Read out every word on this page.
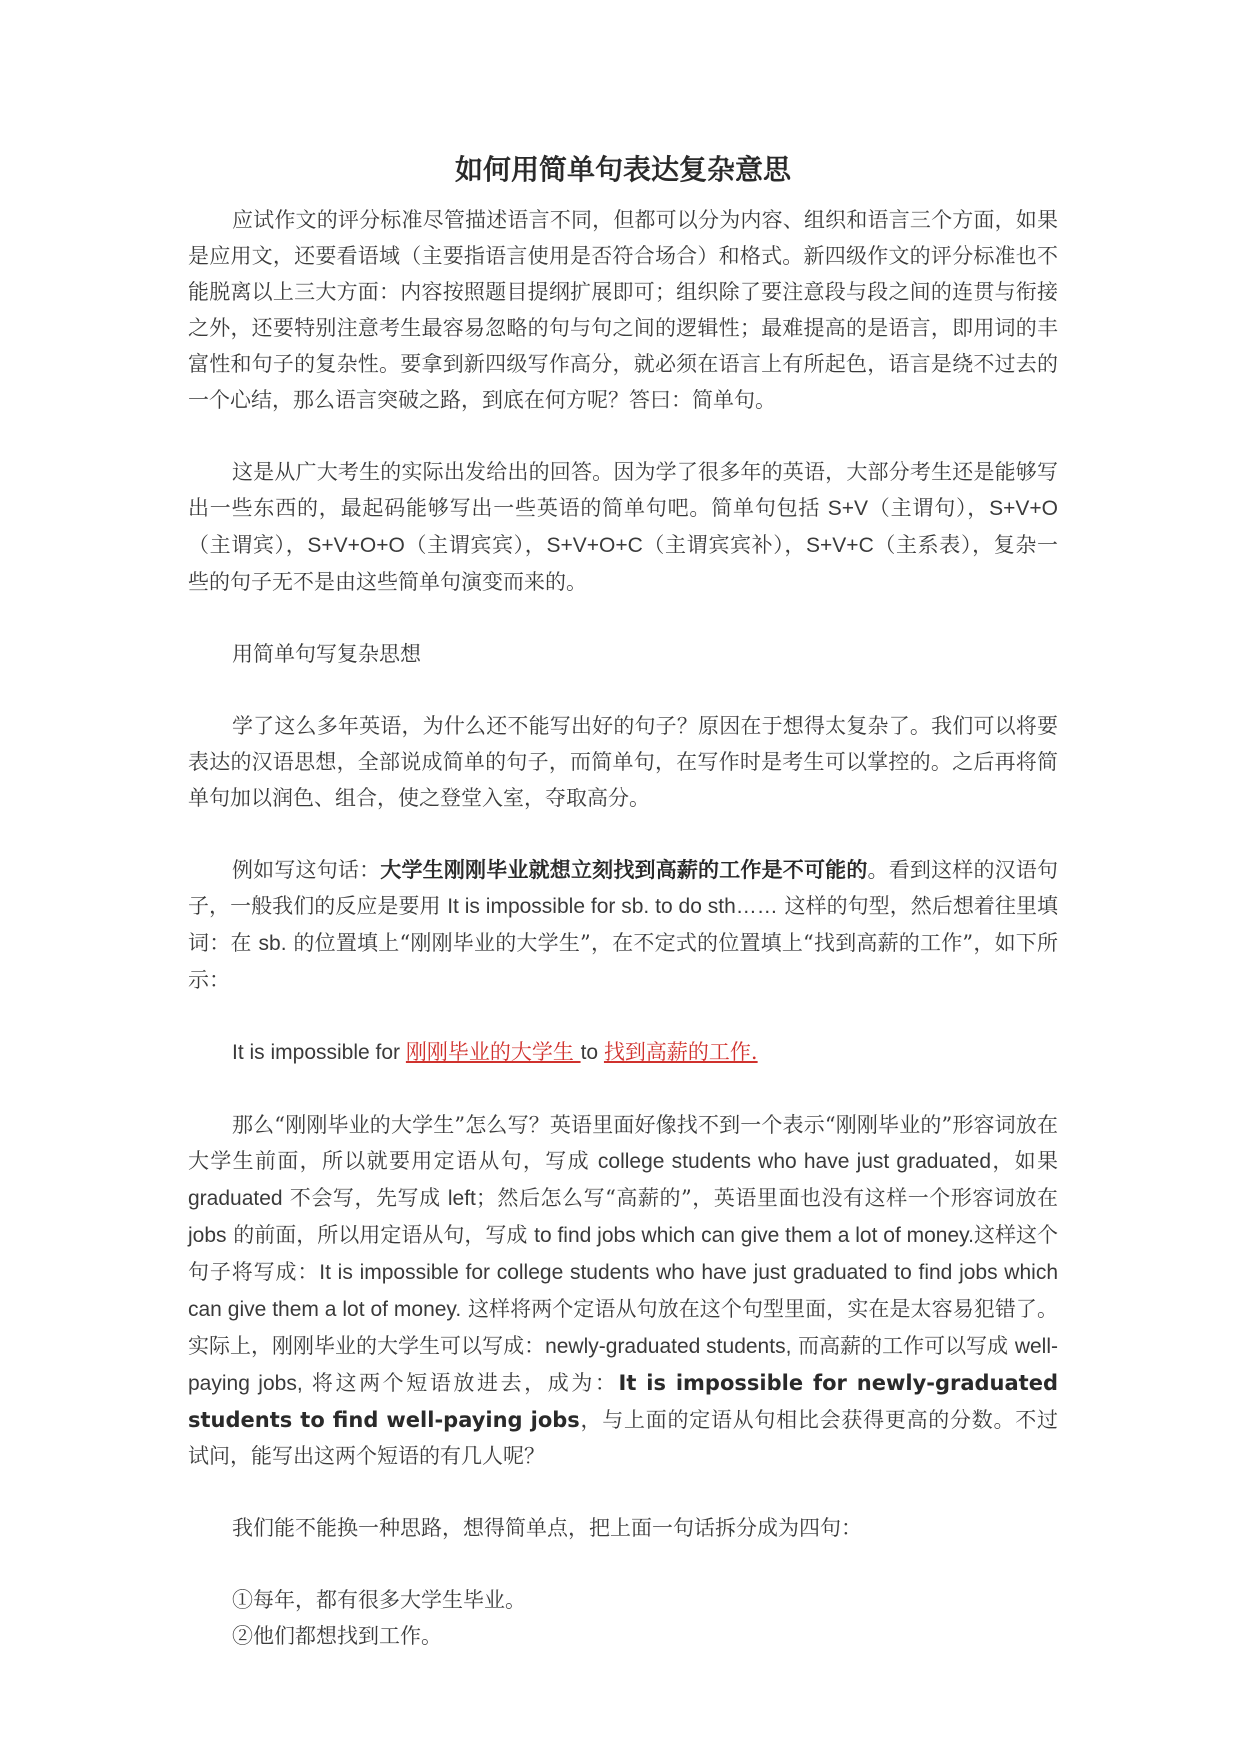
如何用简单句表达复杂意思

应试作文的评分标准尽管描述语言不同，但都可以分为内容、组织和语言三个方面，如果是应用文，还要看语域（主要指语言使用是否符合场合）和格式。新四级作文的评分标准也不能脱离以上三大方面：内容按照题目提纲扩展即可；组织除了要注意段与段之间的连贯与衔接之外，还要特别注意考生最容易忽略的句与句之间的逻辑性；最难提高的是语言，即用词的丰富性和句子的复杂性。要拿到新四级写作高分，就必须在语言上有所起色，语言是绕不过去的一个心结，那么语言突破之路，到底在何方呢？答曰：简单句。

这是从广大考生的实际出发给出的回答。因为学了很多年的英语，大部分考生还是能够写出一些东西的，最起码能够写出一些英语的简单句吧。简单句包括 S+V（主谓句），S+V+O（主谓宾），S+V+O+O（主谓宾宾），S+V+O+C（主谓宾宾补），S+V+C（主系表），复杂一些的句子无不是由这些简单句演变而来的。

用简单句写复杂思想

学了这么多年英语，为什么还不能写出好的句子？原因在于想得太复杂了。我们可以将要表达的汉语思想，全部说成简单的句子，而简单句，在写作时是考生可以掌控的。之后再将简单句加以润色、组合，使之登堂入室，夺取高分。

例如写这句话：大学生刚刚毕业就想立刻找到高薪的工作是不可能的。看到这样的汉语句子，一般我们的反应是要用 It is impossible for sb. to do sth…… 这样的句型，然后想着往里填词：在 sb. 的位置填上“刚刚毕业的大学生”，在不定式的位置填上“找到高薪的工作”，如下所示：

It is impossible for 刚刚毕业的大学生 to 找到高薪的工作.

那么“刚刚毕业的大学生”怎么写？英语里面好像找不到一个表示“刚刚毕业的”形容词放在大学生前面，所以就要用定语从句，写成 college students who have just graduated，如果 graduated 不会写，先写成 left；然后怎么写“高薪的”，英语里面也没有这样一个形容词放在 jobs 的前面，所以用定语从句，写成 to find jobs which can give them a lot of money.这样这个句子将写成：It is impossible for college students who have just graduated to find jobs which can give them a lot of money. 这样将两个定语从句放在这个句型里面，实在是太容易犯错了。实际上，刚刚毕业的大学生可以写成：newly-graduated students, 而高薪的工作可以写成 well-paying jobs, 将这两个短语放进去，成为：It is impossible for newly-graduated students to find well-paying jobs，与上面的定语从句相比会获得更高的分数。不过试问，能写出这两个短语的有几人呢？

我们能不能换一种思路，想得简单点，把上面一句话拆分成为四句：

①每年，都有很多大学生毕业。

②他们都想找到工作。
